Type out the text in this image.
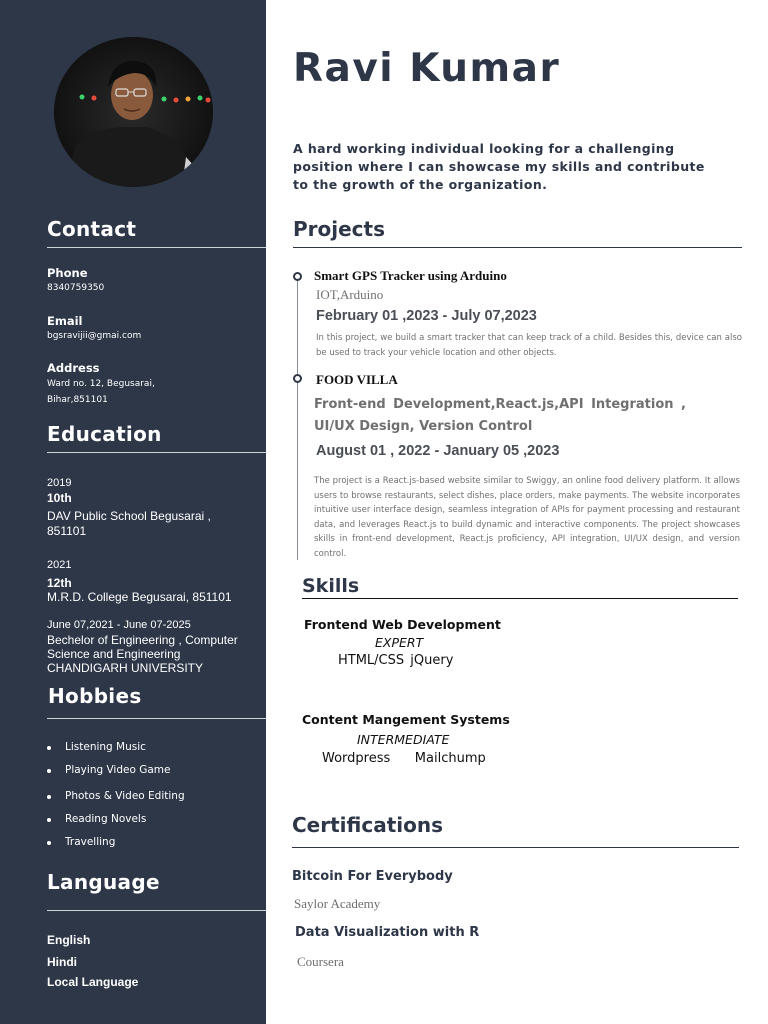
Contact
Phone
8340759350
Email
bgsravijii@gmai.com
Address
Ward no. 12, Begusarai,
Bihar,851101
Education
2019
10th
DAV Public School Begusarai ,
851101
2021
12th
M.R.D. College Begusarai, 851101
June 07,2021 - June 07-2025
Bechelor of Engineering , Computer
Science and Engineering
CHANDIGARH UNIVERSITY
Hobbies
Listening Music
Playing Video Game
Photos & Video Editing
Reading Novels
Travelling
Language
English
Hindi
Local Language
Ravi Kumar
A hard working individual looking for a challenging position where I can showcase my skills and contribute to the growth of the organization.
Projects
Smart GPS Tracker using Arduino
IOT,Arduino
February 01 ,2023 - July 07,2023
In this project, we build a smart tracker that can keep track of a child. Besides this, device can also be used to track your vehicle location and other objects.
FOOD VILLA
Front-end Development,React.js,API Integration ,
UI/UX Design, Version Control
August 01 , 2022 - January 05 ,2023
The project is a React.js-based website similar to Swiggy, an online food delivery platform. It allows users to browse restaurants, select dishes, place orders, make payments. The website incorporates intuitive user interface design, seamless integration of APIs for payment processing and restaurant data, and leverages React.js to build dynamic and interactive components. The project showcases skills in front-end development, React.js proficiency, API integration, UI/UX design, and version control.
Skills
Frontend Web Development
EXPERT
HTML/CSS jQuery
Content Mangement Systems
INTERMEDIATE
Wordpress    Mailchump
Certifications
Bitcoin For Everybody
Saylor Academy
Data Visualization with R
Coursera
